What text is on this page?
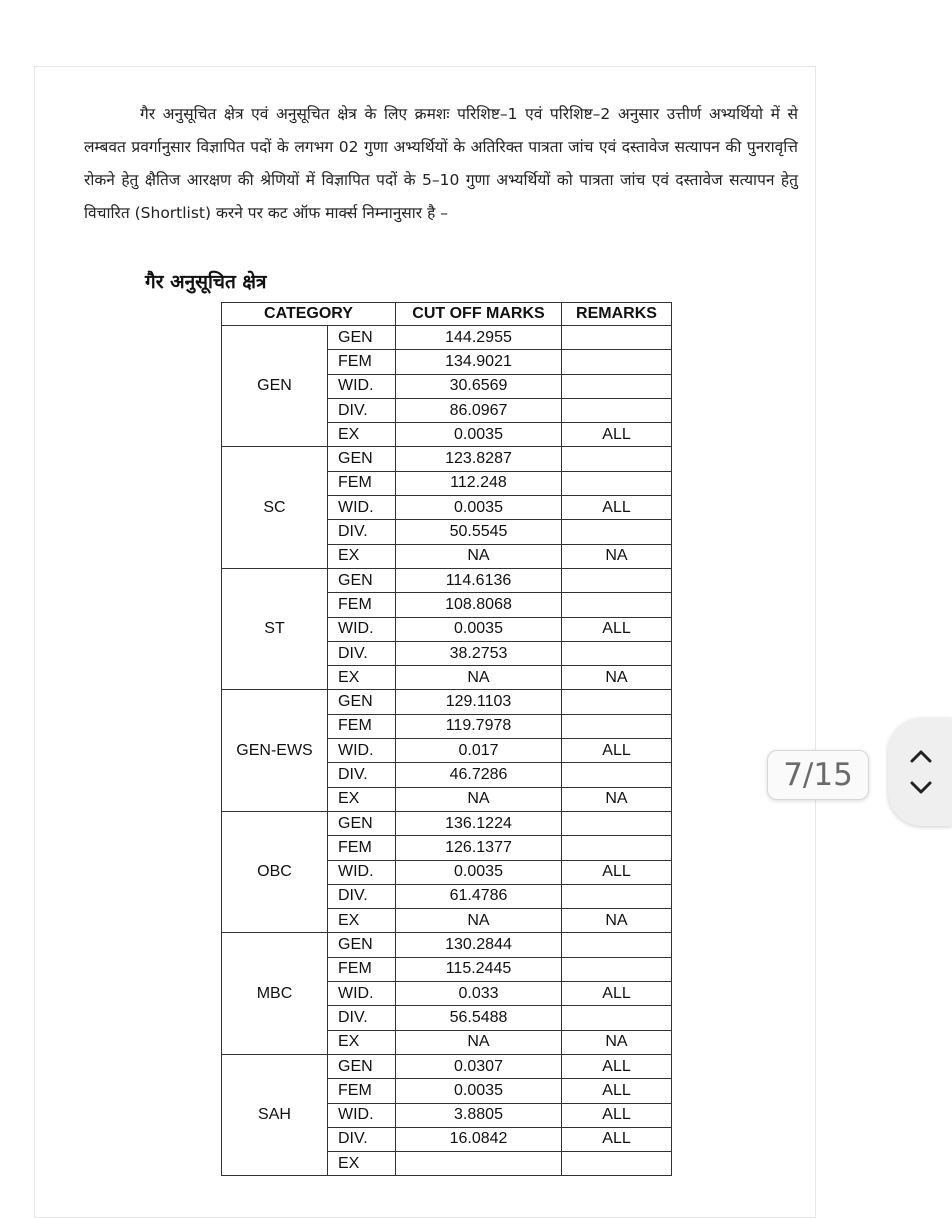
गैर अनुसूचित क्षेत्र एवं अनुसूचित क्षेत्र के लिए क्रमशः परिशिष्ट–1 एवं परिशिष्ट–2 अनुसार उत्तीर्ण अभ्यर्थियो में से लम्बवत प्रवर्गानुसार विज्ञापित पदों के लगभग 02 गुणा अभ्यर्थियों के अतिरिक्त पात्रता जांच एवं दस्तावेज सत्यापन की पुनरावृत्ति रोकने हेतु क्षैतिज आरक्षण की श्रेणियों में विज्ञापित पदों के 5–10 गुणा अभ्यर्थियों को पात्रता जांच एवं दस्तावेज सत्यापन हेतु विचारित (Shortlist) करने पर कट ऑफ मार्क्स निम्नानुसार है –

गैर अनुसूचित क्षेत्र
CATEGORY		CUT OFF MARKS	REMARKS
GEN	GEN	144.2955	
	FEM	134.9021	
	WID.	30.6569	
	DIV.	86.0967	
	EX	0.0035	ALL
SC	GEN	123.8287	
	FEM	112.248	
	WID.	0.0035	ALL
	DIV.	50.5545	
	EX	NA	NA
ST	GEN	114.6136	
	FEM	108.8068	
	WID.	0.0035	ALL
	DIV.	38.2753	
	EX	NA	NA
GEN-EWS	GEN	129.1103	
	FEM	119.7978	
	WID.	0.017	ALL
	DIV.	46.7286	
	EX	NA	NA
OBC	GEN	136.1224	
	FEM	126.1377	
	WID.	0.0035	ALL
	DIV.	61.4786	
	EX	NA	NA
MBC	GEN	130.2844	
	FEM	115.2445	
	WID.	0.033	ALL
	DIV.	56.5488	
	EX	NA	NA
SAH	GEN	0.0307	ALL
	FEM	0.0035	ALL
	WID.	3.8805	ALL
	DIV.	16.0842	ALL
	EX		
7/15
